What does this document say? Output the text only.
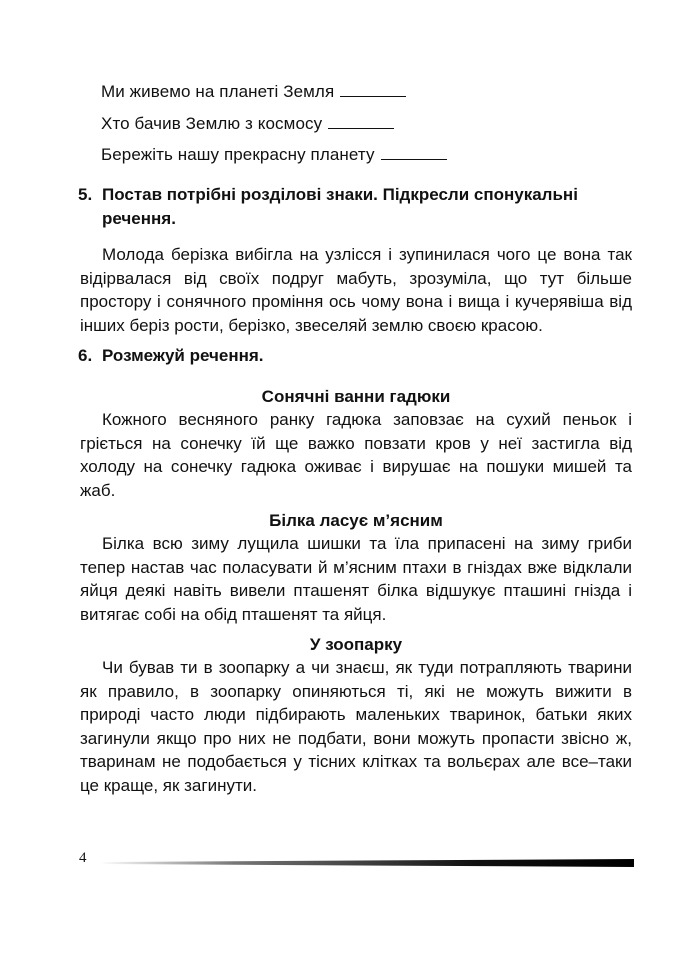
Ми живемо на планеті Земля
Хто бачив Землю з космосу
Бережіть нашу прекрасну планету
5. Постав потрібні розділові знаки. Підкресли спонукальні
речення.
Молода берізка вибігла на узлісся і зупинилася чого це вона так відірвалася від своїх подруг мабуть, зрозуміла, що тут більше простору і сонячного проміння ось чому вона і вища і кучерявіша від інших беріз рости, берізко, звеселяй землю своєю красою.
6. Розмежуй речення.
Сонячні ванни гадюки
Кожного весняного ранку гадюка заповзає на сухий пеньок і гріється на сонечку їй ще важко повзати кров у неї застигла від холоду на сонечку гадюка оживає і вирушає на пошуки мишей та жаб.
Білка ласує м’ясним
Білка всю зиму лущила шишки та їла припасені на зиму гриби тепер настав час поласувати й м’ясним птахи в гніздах вже відклали яйця деякі навіть вивели пташенят білка відшукує пташині гнізда і витягає собі на обід пташенят та яйця.
У зоопарку
Чи бував ти в зоопарку а чи знаєш, як туди потрапляють тварини як правило, в зоопарку опиняються ті, які не можуть вижити в природі часто люди підбирають маленьких тваринок, батьки яких загинули якщо про них не подбати, вони можуть пропасти звісно ж, тваринам не подобається у тісних клітках та вольєрах але все–таки це краще, як загинути.
4
